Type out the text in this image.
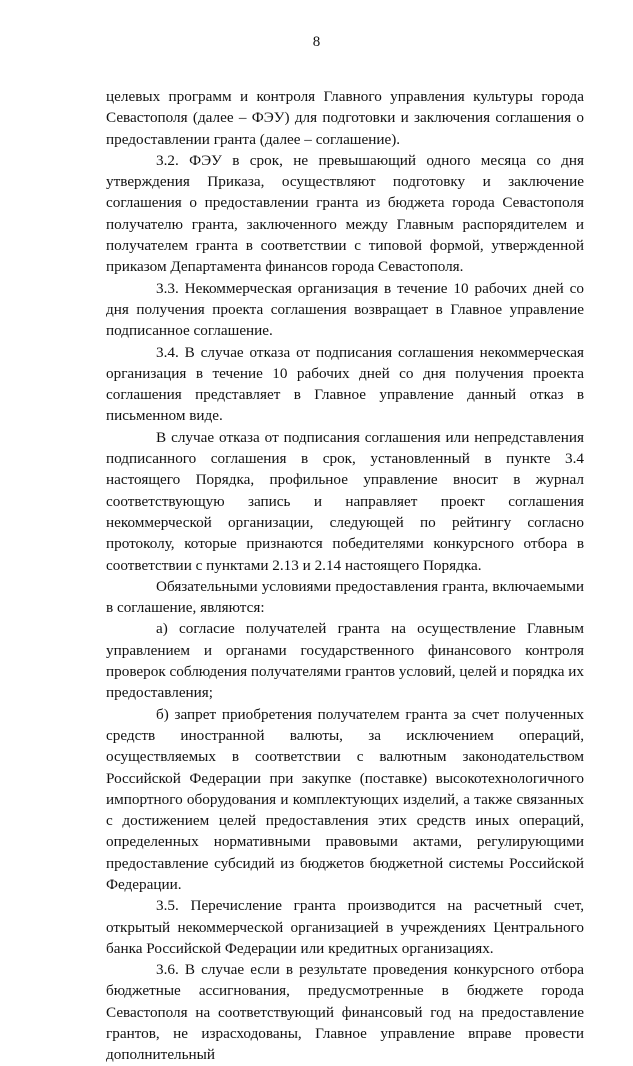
8

целевых программ и контроля Главного управления культуры города Севастополя (далее – ФЭУ) для подготовки и заключения соглашения о предоставлении гранта (далее – соглашение).

3.2. ФЭУ в срок, не превышающий одного месяца со дня утверждения Приказа, осуществляют подготовку и заключение соглашения о предоставлении гранта из бюджета города Севастополя получателю гранта, заключенного между Главным распорядителем и получателем гранта в соответствии с типовой формой, утвержденной приказом Департамента финансов города Севастополя.

3.3. Некоммерческая организация в течение 10 рабочих дней со дня получения проекта соглашения возвращает в Главное управление подписанное соглашение.

3.4. В случае отказа от подписания соглашения некоммерческая организация в течение 10 рабочих дней со дня получения проекта соглашения представляет в Главное управление данный отказ в письменном виде.

В случае отказа от подписания соглашения или непредставления подписанного соглашения в срок, установленный в пункте 3.4 настоящего Порядка, профильное управление вносит в журнал соответствующую запись и направляет проект соглашения некоммерческой организации, следующей по рейтингу согласно протоколу, которые признаются победителями конкурсного отбора в соответствии с пунктами 2.13 и 2.14 настоящего Порядка.

Обязательными условиями предоставления гранта, включаемыми в соглашение, являются:

а) согласие получателей гранта на осуществление Главным управлением и органами государственного финансового контроля проверок соблюдения получателями грантов условий, целей и порядка их предоставления;

б) запрет приобретения получателем гранта за счет полученных средств иностранной валюты, за исключением операций, осуществляемых в соответствии с валютным законодательством Российской Федерации при закупке (поставке) высокотехнологичного импортного оборудования и комплектующих изделий, а также связанных с достижением целей предоставления этих средств иных операций, определенных нормативными правовыми актами, регулирующими предоставление субсидий из бюджетов бюджетной системы Российской Федерации.

3.5. Перечисление гранта производится на расчетный счет, открытый некоммерческой организацией в учреждениях Центрального банка Российской Федерации или кредитных организациях.

3.6. В случае если в результате проведения конкурсного отбора бюджетные ассигнования, предусмотренные в бюджете города Севастополя на соответствующий финансовый год на предоставление грантов, не израсходованы, Главное управление вправе провести дополнительный
